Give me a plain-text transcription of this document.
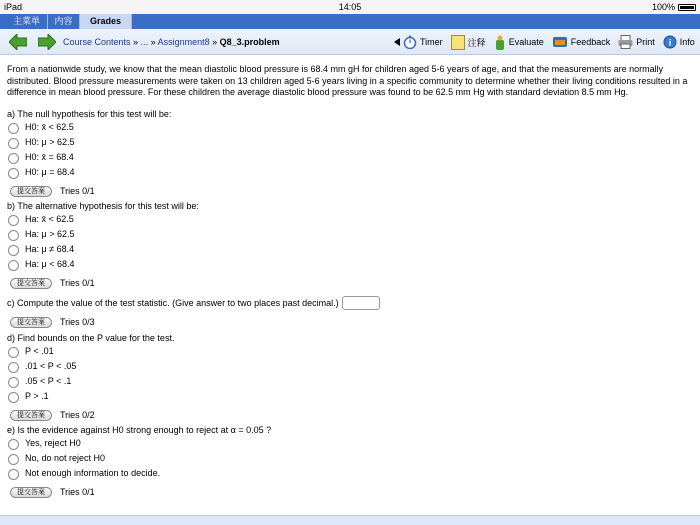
iPad	14:05	100%
主菜单	内容	Grades
Course Contents » ... » Assignment8 » Q8_3.problem	Timer	注释	Evaluate	Feedback	Print i Info

From a nationwide study, we know that the mean diastolic blood pressure is 68.4 mm gH for children aged 5-6 years of age, and that the measurements are normally distributed. Blood pressure measurements were taken on 13 children aged 5-6 years living in a specific community to determine whether their living conditions resulted in a difference in mean blood pressure. For these children the average diastolic blood pressure was found to be 62.5 mm Hg with standard deviation 8.5 mm Hg.

a) The null hypothesis for this test will be:
H0: x̄ < 62.5
H0: μ > 62.5
H0: x̄ = 68.4
H0: μ = 68.4
提交答案	Tries 0/1
b) The alternative hypothesis for this test will be:
Ha: x̄ < 62.5
Ha: μ > 62.5
Ha: μ ≠ 68.4
Ha: μ < 68.4
提交答案	Tries 0/1
c) Compute the value of the test statistic. (Give answer to two places past decimal.)
提交答案	Tries 0/3
d) Find bounds on the P value for the test.
P < .01
.01 < P < .05
.05 < P < .1
P > .1
提交答案	Tries 0/2
e) Is the evidence against H0 strong enough to reject at α = 0.05 ?
Yes, reject H0
No, do not reject H0
Not enough information to decide.
提交答案	Tries 0/1
